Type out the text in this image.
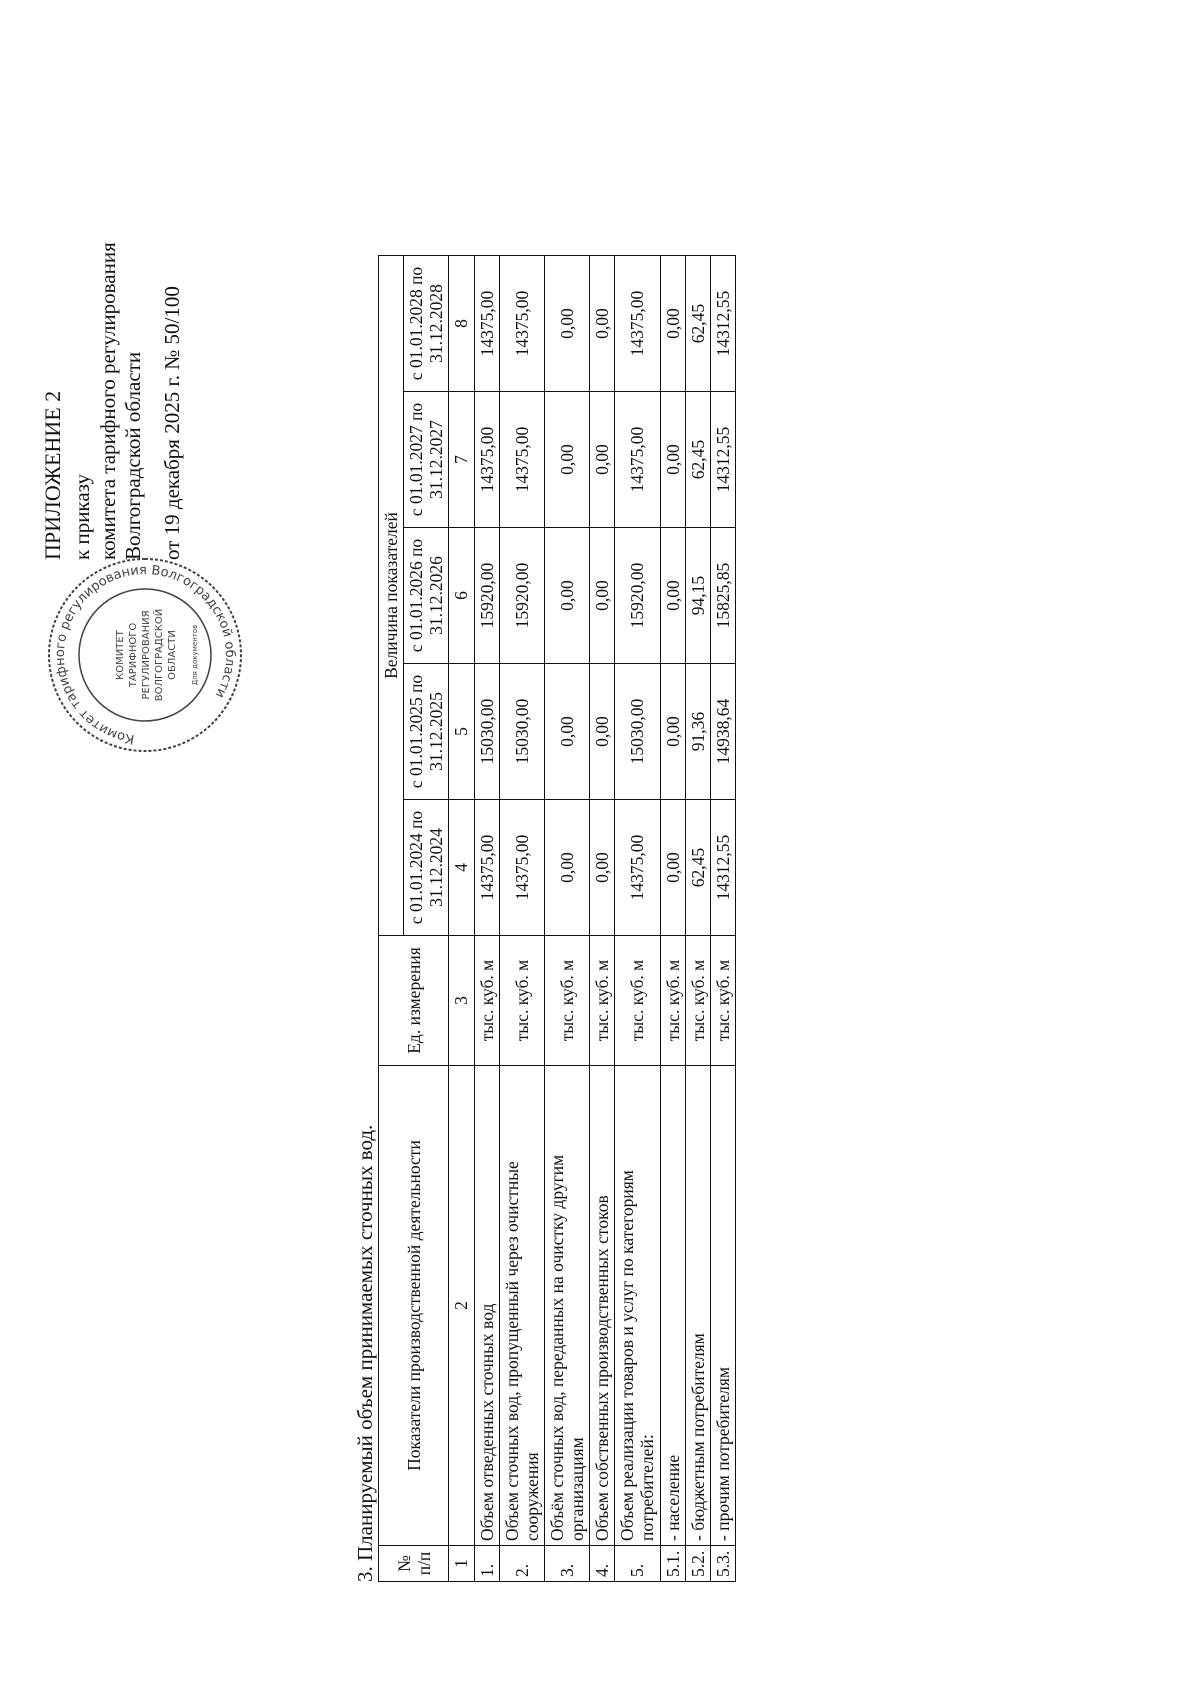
ПРИЛОЖЕНИЕ 2 к приказу комитета тарифного регулирования Волгоградской области от 19 декабря 2025 г. № 50/100
Комитет тарифного регулирования Волгоградской области
КОМИТЕТ ТАРИФНОГО РЕГУЛИРОВАНИЯ ВОЛГОГРАДСКОЙ ОБЛАСТИ Для документов
3. Планируемый объем принимаемых сточных вод. № п/п	Показатели производственной деятельности	Ед. измерения	Величина показателей				
			с 01.01.2024 по 31.12.2024	с 01.01.2025 по 31.12.2025	с 01.01.2026 по 31.12.2026	с 01.01.2027 по 31.12.2027	с 01.01.2028 по 31.12.2028
1	2	3	4	5	6	7	8
1.	Объем отведенных сточных вод	тыс. куб. м	14375,00	15030,00	15920,00	14375,00	14375,00
2.	Объем сточных вод, пропущенный через очистные сооружения	тыс. куб. м	14375,00	15030,00	15920,00	14375,00	14375,00
3.	Объём сточных вод, переданных на очистку другим организациям	тыс. куб. м	0,00	0,00	0,00	0,00	0,00
4.	Объем собственных производственных стоков	тыс. куб. м	0,00	0,00	0,00	0,00	0,00
5.	Объем реализации товаров и услуг по категориям потребителей:	тыс. куб. м	14375,00	15030,00	15920,00	14375,00	14375,00
5.1.	- население	тыс. куб. м	0,00	0,00	0,00	0,00	0,00
5.2.	- бюджетным потребителям	тыс. куб. м	62,45	91,36	94,15	62,45	62,45
5.3.	- прочим потребителям	тыс. куб. м	14312,55	14938,64	15825,85	14312,55	14312,55
